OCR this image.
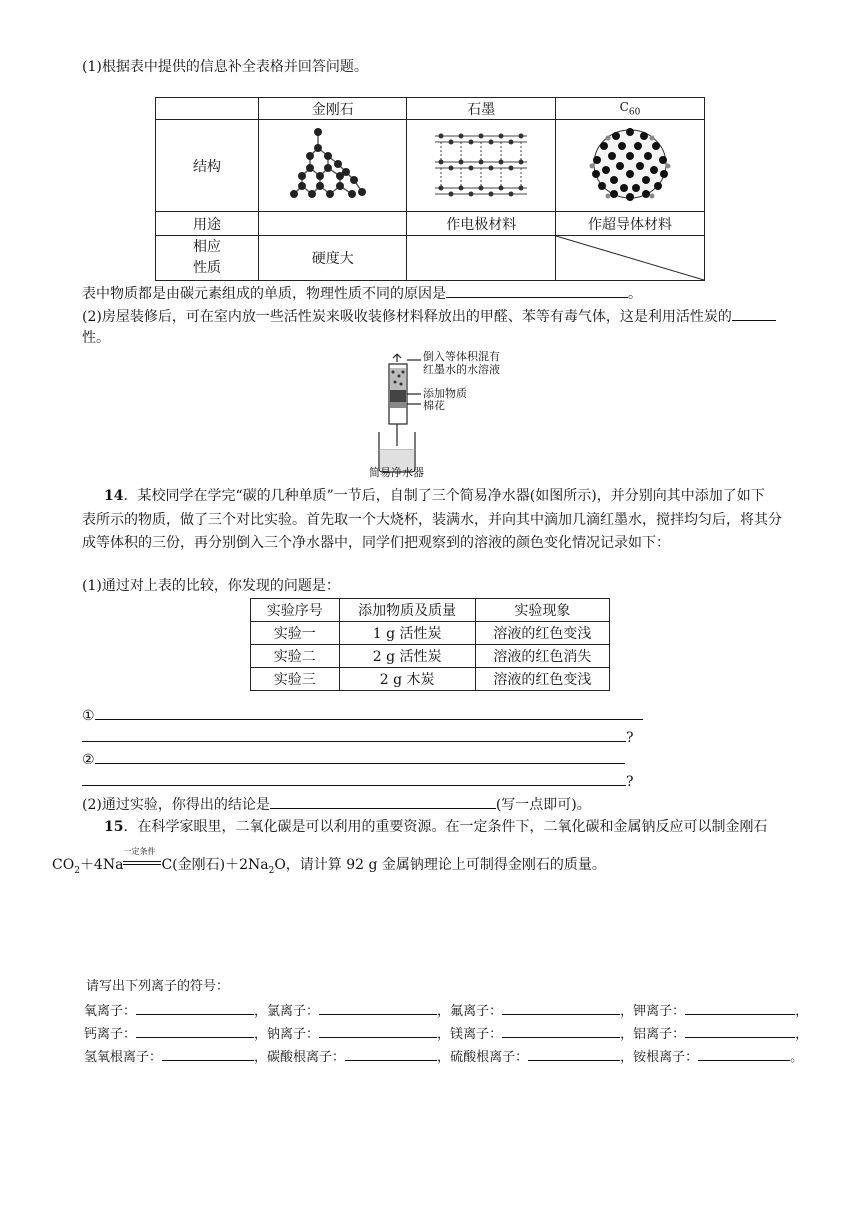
(1)根据表中提供的信息补全表格并回答问题。
	金刚石	石墨	$C_{60}$
结构			
用途		作电极材料	作超导体材料
相应
性质	硬度大		
表中物质都是由碳元素组成的单质，物理性质不同的原因是	。
(2)房屋装修后，可在室内放一些活性炭来吸收装修材料释放出的甲醛、苯等有毒气体，这是利用活性炭的
性。
倒入等体积混有
红墨水的水溶液
添加物质
棉花
简易净水器
14．某校同学在学完“碳的几种单质”一节后，自制了三个简易净水器(如图所示)，并分别向其中添加了如下
表所示的物质，做了三个对比实验。首先取一个大烧杯，装满水，并向其中滴加几滴红墨水，搅拌均匀后，将其分
成等体积的三份，再分别倒入三个净水器中，同学们把观察到的溶液的颜色变化情况记录如下：
(1)通过对上表的比较，你发现的问题是：
实验序号	添加物质及质量	实验现象
实验一	1 g 活性炭	溶液的红色变浅
实验二	2 g 活性炭	溶液的红色消失
实验三	2 g 木炭	溶液的红色变浅
①
?
②
?
(2)通过实验，你得出的结论是	(写一点即可)。
15．在科学家眼里，二氧化碳是可以利用的重要资源。在一定条件下，二氧化碳和金属钠反应可以制金刚石
$CO_2+4Na$
一定条件
C(金刚石)$+2Na_2O$，请计算 92 g 金属钠理论上可制得金刚石的质量。
请写出下列离子的符号：
氧离子：	，氯离子：	，氟离子：	，钾离子：	，
钙离子：	，钠离子：	，镁离子：	，铝离子：	，
氢氧根离子：	，碳酸根离子：	，硫酸根离子：	，铵根离子：	。
